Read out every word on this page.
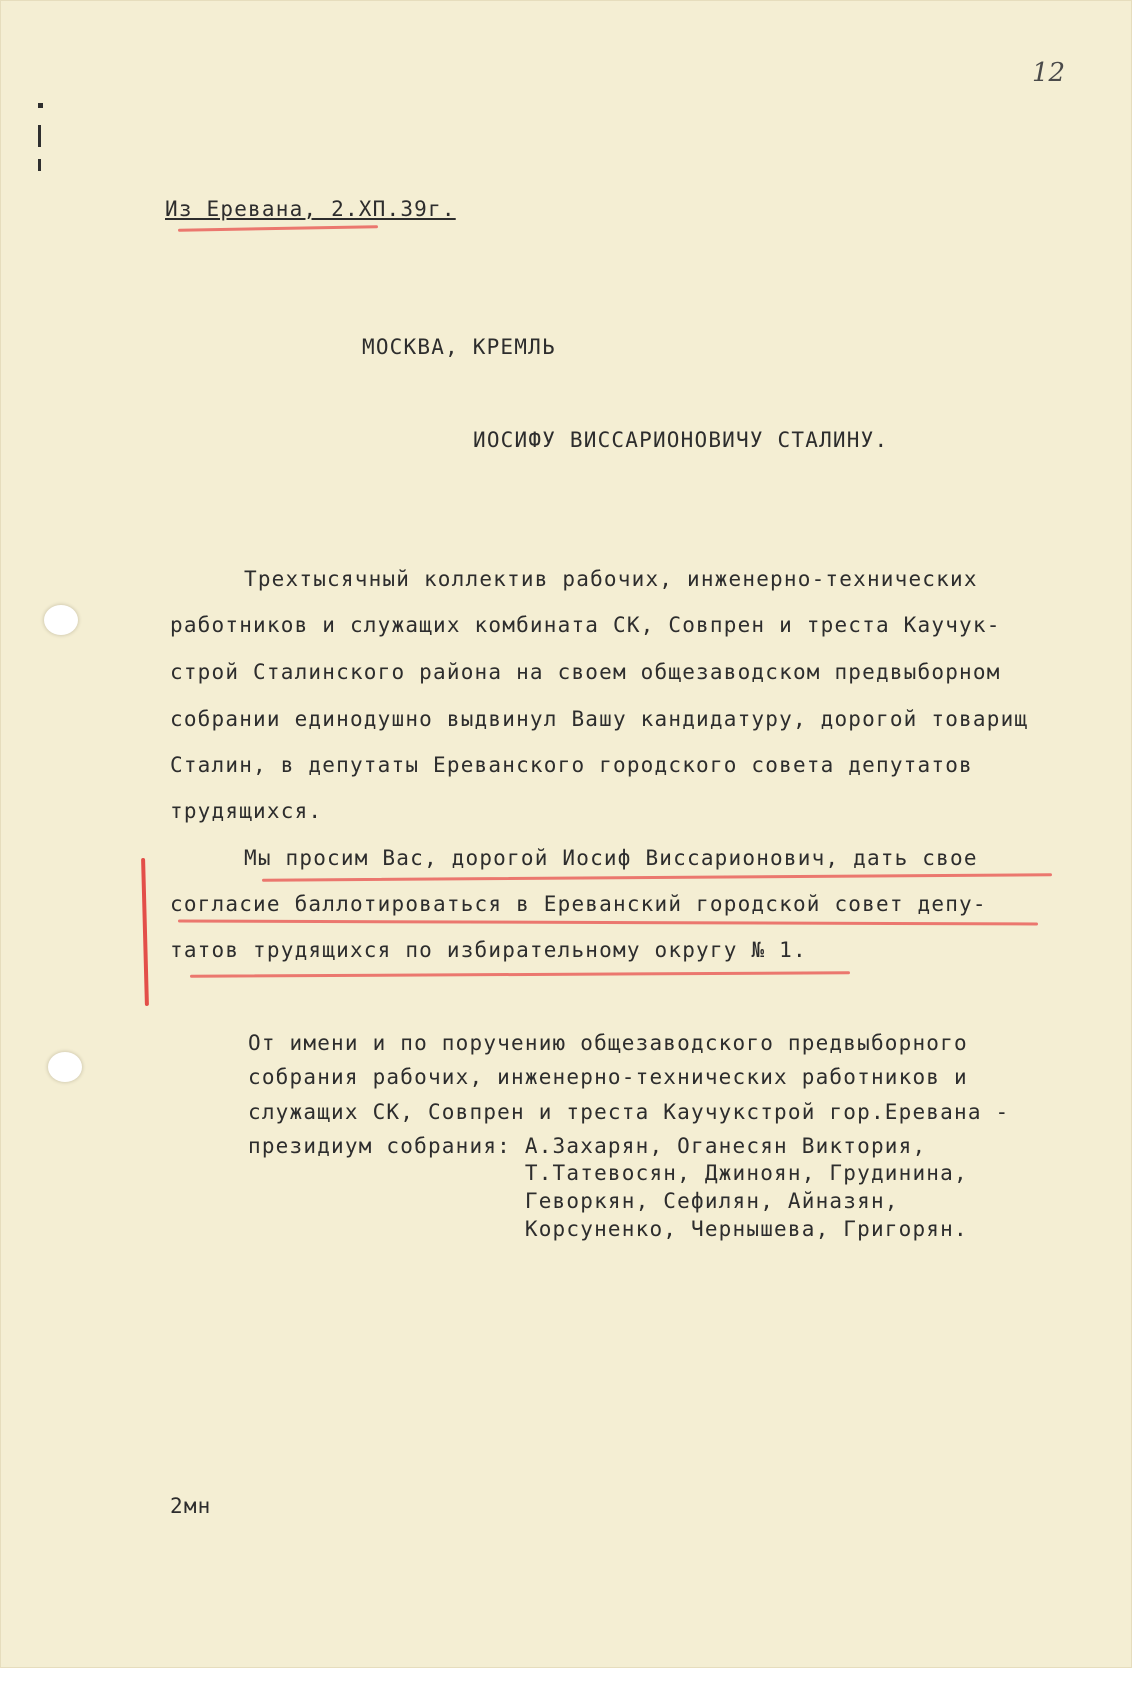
12
Из Еревана, 2.ХП.39г.
МОСКВА, КРЕМЛЬ
ИОСИФУ ВИССАРИОНОВИЧУ СТАЛИНУ.
Трехтысячный коллектив рабочих, инженерно-технических
работников и служащих комбината СК, Совпрен и треста Каучук-
строй Сталинского района на своем общезаводском предвыборном
собрании единодушно выдвинул Вашу кандидатуру, дорогой товарищ
Сталин, в депутаты Ереванского городского совета депутатов
трудящихся.
Мы просим Вас, дорогой Иосиф Виссарионович, дать свое
согласие баллотироваться в Ереванский городской совет депу-
татов трудящихся по избирательному округу № 1.
От имени и по поручению общезаводского предвыборного
собрания рабочих, инженерно-технических работников и
служащих СК, Совпрен и треста Каучукстрой гор.Еревана -
президиум собрания: А.Захарян, Оганесян Виктория,
Т.Татевосян, Джиноян, Грудинина,
Геворкян, Сефилян, Айназян,
Корсуненко, Чернышева, Григорян.
2мн
